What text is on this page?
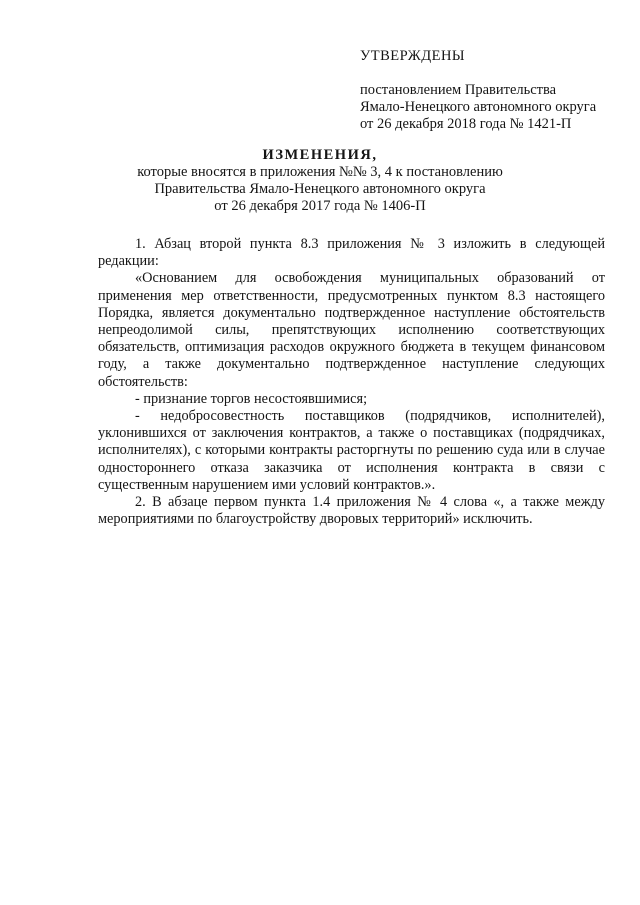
УТВЕРЖДЕНЫ
постановлением Правительства
Ямало-Ненецкого автономного округа
от 26 декабря 2018 года № 1421-П
ИЗМЕНЕНИЯ,
которые вносятся в приложения №№ 3, 4 к постановлению
Правительства Ямало-Ненецкого автономного округа
от 26 декабря 2017 года № 1406-П

1. Абзац второй пункта 8.3 приложения № 3 изложить в следующей редакции:

«Основанием для освобождения муниципальных образований от применения мер ответственности, предусмотренных пунктом 8.3 настоящего Порядка, является документально подтвержденное наступление обстоятельств непреодолимой силы, препятствующих исполнению соответствующих обязательств, оптимизация расходов окружного бюджета в текущем финансовом году, а также документально подтвержденное наступление следующих обстоятельств:

- признание торгов несостоявшимися;

- недобросовестность поставщиков (подрядчиков, исполнителей), уклонившихся от заключения контрактов, а также о поставщиках (подрядчиках, исполнителях), с которыми контракты расторгнуты по решению суда или в случае одностороннего отказа заказчика от исполнения контракта в связи с существенным нарушением ими условий контрактов.».

2. В абзаце первом пункта 1.4 приложения № 4 слова «, а также между мероприятиями по благоустройству дворовых территорий» исключить.
